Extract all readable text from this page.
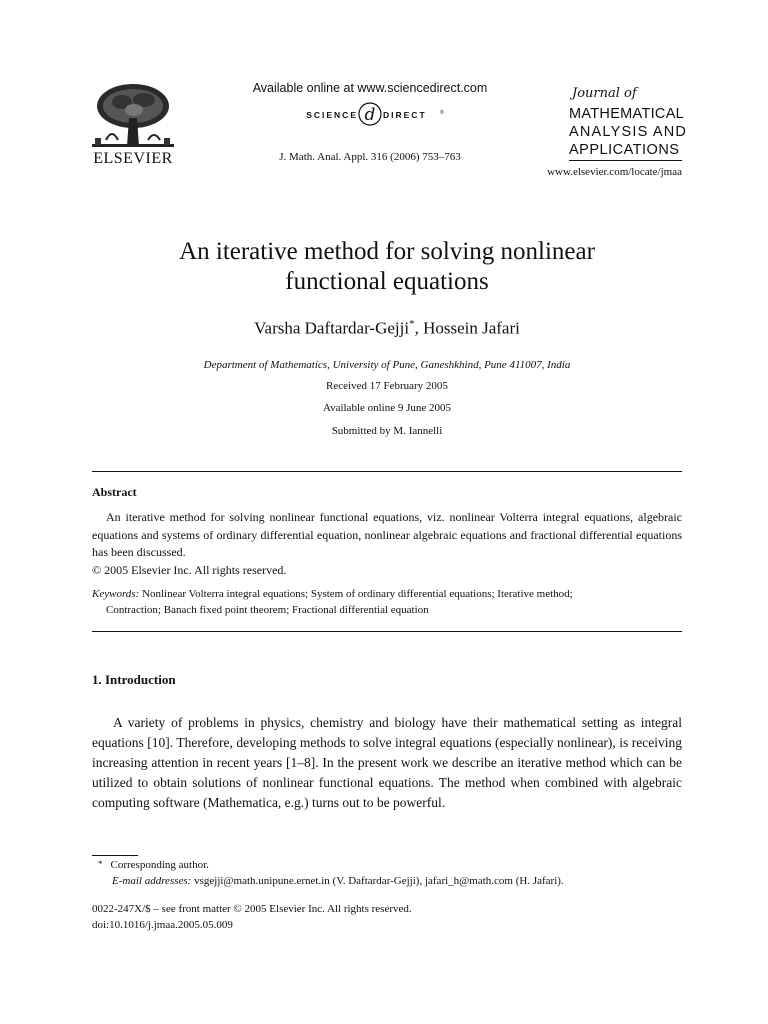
ELSEVIER
Available online at www.sciencedirect.com
SCIENCE d DIRECT	®
J. Math. Anal. Appl. 316 (2006) 753–763
Journal of
MATHEMATICAL
ANALYSIS AND
APPLICATIONS
www.elsevier.com/locate/jmaa
An iterative method for solving nonlinear
functional equations
Varsha Daftardar-Gejji*, Hossein Jafari
Department of Mathematics, University of Pune, Ganeshkhind, Pune 411007, India
Received 17 February 2005
Available online 9 June 2005
Submitted by M. Iannelli
Abstract

An iterative method for solving nonlinear functional equations, viz. nonlinear Volterra integral equations, algebraic equations and systems of ordinary differential equation, nonlinear algebraic equations and fractional differential equations has been discussed.

© 2005 Elsevier Inc. All rights reserved.

Keywords: Nonlinear Volterra integral equations; System of ordinary differential equations; Iterative method;
Contraction; Banach fixed point theorem; Fractional differential equation
1. Introduction
A variety of problems in physics, chemistry and biology have their mathematical setting as integral equations [10]. Therefore, developing methods to solve integral equations (especially nonlinear), is receiving increasing attention in recent years [1–8]. In the present work we describe an iterative method which can be utilized to obtain solutions of nonlinear functional equations. The method when combined with algebraic computing software (Mathematica, e.g.) turns out to be powerful.
* Corresponding author.
E-mail addresses: vsgejji@math.unipune.ernet.in (V. Daftardar-Gejji), jafari_h@math.com (H. Jafari).
0022-247X/$ – see front matter © 2005 Elsevier Inc. All rights reserved.
doi:10.1016/j.jmaa.2005.05.009
